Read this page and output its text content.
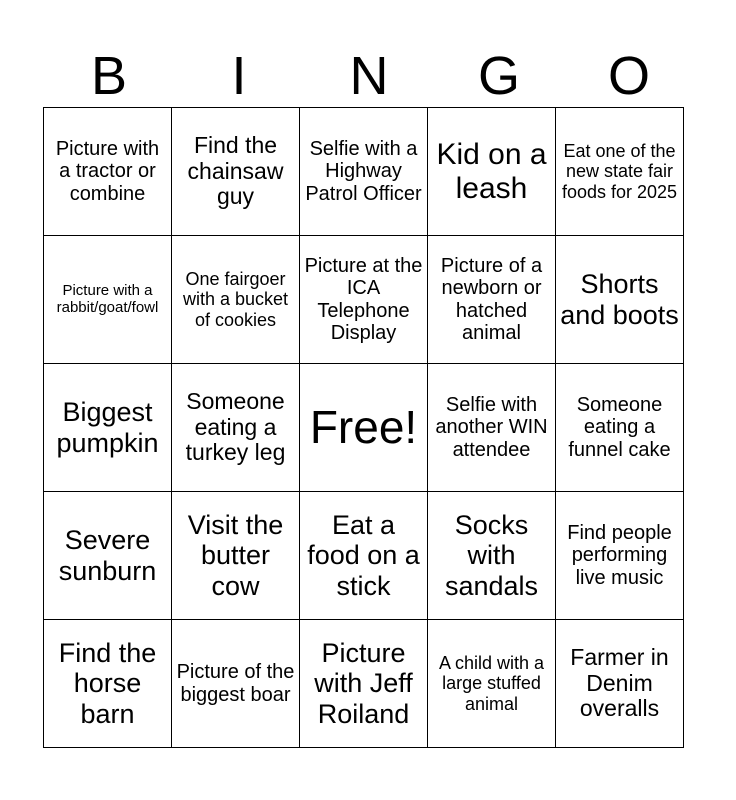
B	I	N	G	O
Picture with a tractor or combine	Find the chainsaw guy	Selfie with a Highway Patrol Officer	Kid on a leash	Eat one of the new state fair foods for 2025
Picture with a rabbit/goat/fowl	One fairgoer with a bucket of cookies	Picture at the ICA Telephone Display	Picture of a newborn or hatched animal	Shorts and boots
Biggest pumpkin	Someone eating a turkey leg	Free!	Selfie with another WIN attendee	Someone eating a funnel cake
Severe sunburn	Visit the butter cow	Eat a food on a stick	Socks with sandals	Find people performing live music
Find the horse barn	Picture of the biggest boar	Picture with Jeff Roiland	A child with a large stuffed animal	Farmer in Denim overalls
